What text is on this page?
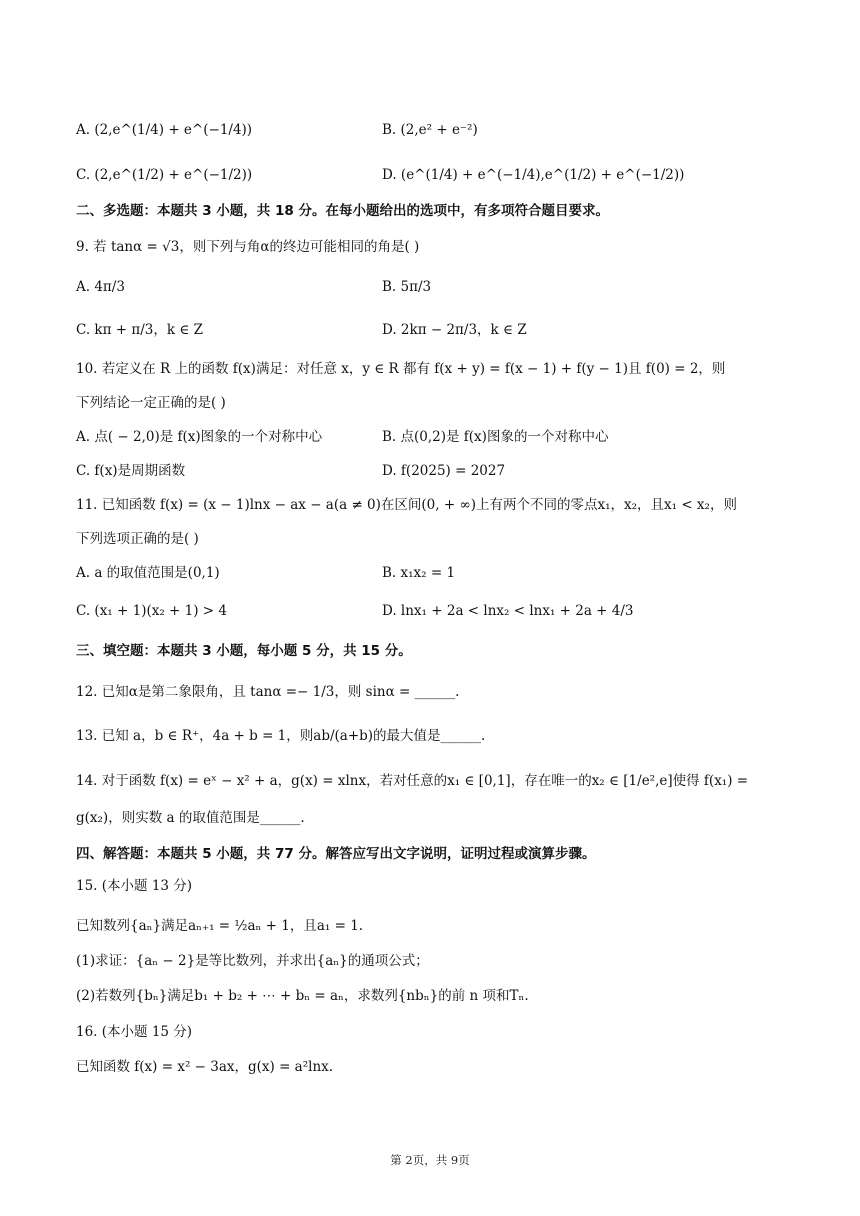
A. (2,e^(1/4) + e^(−1/4))	B. (2,e² + e⁻²)
C. (2,e^(1/2) + e^(−1/2))	D. (e^(1/4) + e^(−1/4),e^(1/2) + e^(−1/2))
二、多选题：本题共 3 小题，共 18 分。在每小题给出的选项中，有多项符合题目要求。
9. 若 tanα = √3，则下列与角α的终边可能相同的角是( )
A. 4π/3	B. 5π/3
C. kπ + π/3，k ∈ Z	D. 2kπ − 2π/3，k ∈ Z
10. 若定义在 R 上的函数 f(x)满足：对任意 x，y ∈ R 都有 f(x + y) = f(x − 1) + f(y − 1)且 f(0) = 2，则
下列结论一定正确的是( )
A. 点( − 2,0)是 f(x)图象的一个对称中心	B. 点(0,2)是 f(x)图象的一个对称中心
C. f(x)是周期函数	D. f(2025) = 2027
11. 已知函数 f(x) = (x − 1)lnx − ax − a(a ≠ 0)在区间(0, + ∞)上有两个不同的零点x₁，x₂，且x₁ < x₂，则
下列选项正确的是( )
A. a 的取值范围是(0,1)	B. x₁x₂ = 1
C. (x₁ + 1)(x₂ + 1) > 4	D. lnx₁ + 2a < lnx₂ < lnx₁ + 2a + 4/3
三、填空题：本题共 3 小题，每小题 5 分，共 15 分。
12. 已知α是第二象限角，且 tanα =− 1/3，则 sinα = ______.
13. 已知 a，b ∈ R⁺，4a + b = 1，则ab/(a+b)的最大值是______.
14. 对于函数 f(x) = eˣ − x² + a，g(x) = xlnx，若对任意的x₁ ∈ [0,1]，存在唯一的x₂ ∈ [1/e²,e]使得 f(x₁) =
g(x₂)，则实数 a 的取值范围是______.
四、解答题：本题共 5 小题，共 77 分。解答应写出文字说明，证明过程或演算步骤。
15. (本小题 13 分)
已知数列{aₙ}满足aₙ₊₁ = ½aₙ + 1，且a₁ = 1.
(1)求证：{aₙ − 2}是等比数列，并求出{aₙ}的通项公式；
(2)若数列{bₙ}满足b₁ + b₂ + ⋯ + bₙ = aₙ，求数列{nbₙ}的前 n 项和Tₙ.
16. (本小题 15 分)
已知函数 f(x) = x² − 3ax，g(x) = a²lnx.
第 2页，共 9页
